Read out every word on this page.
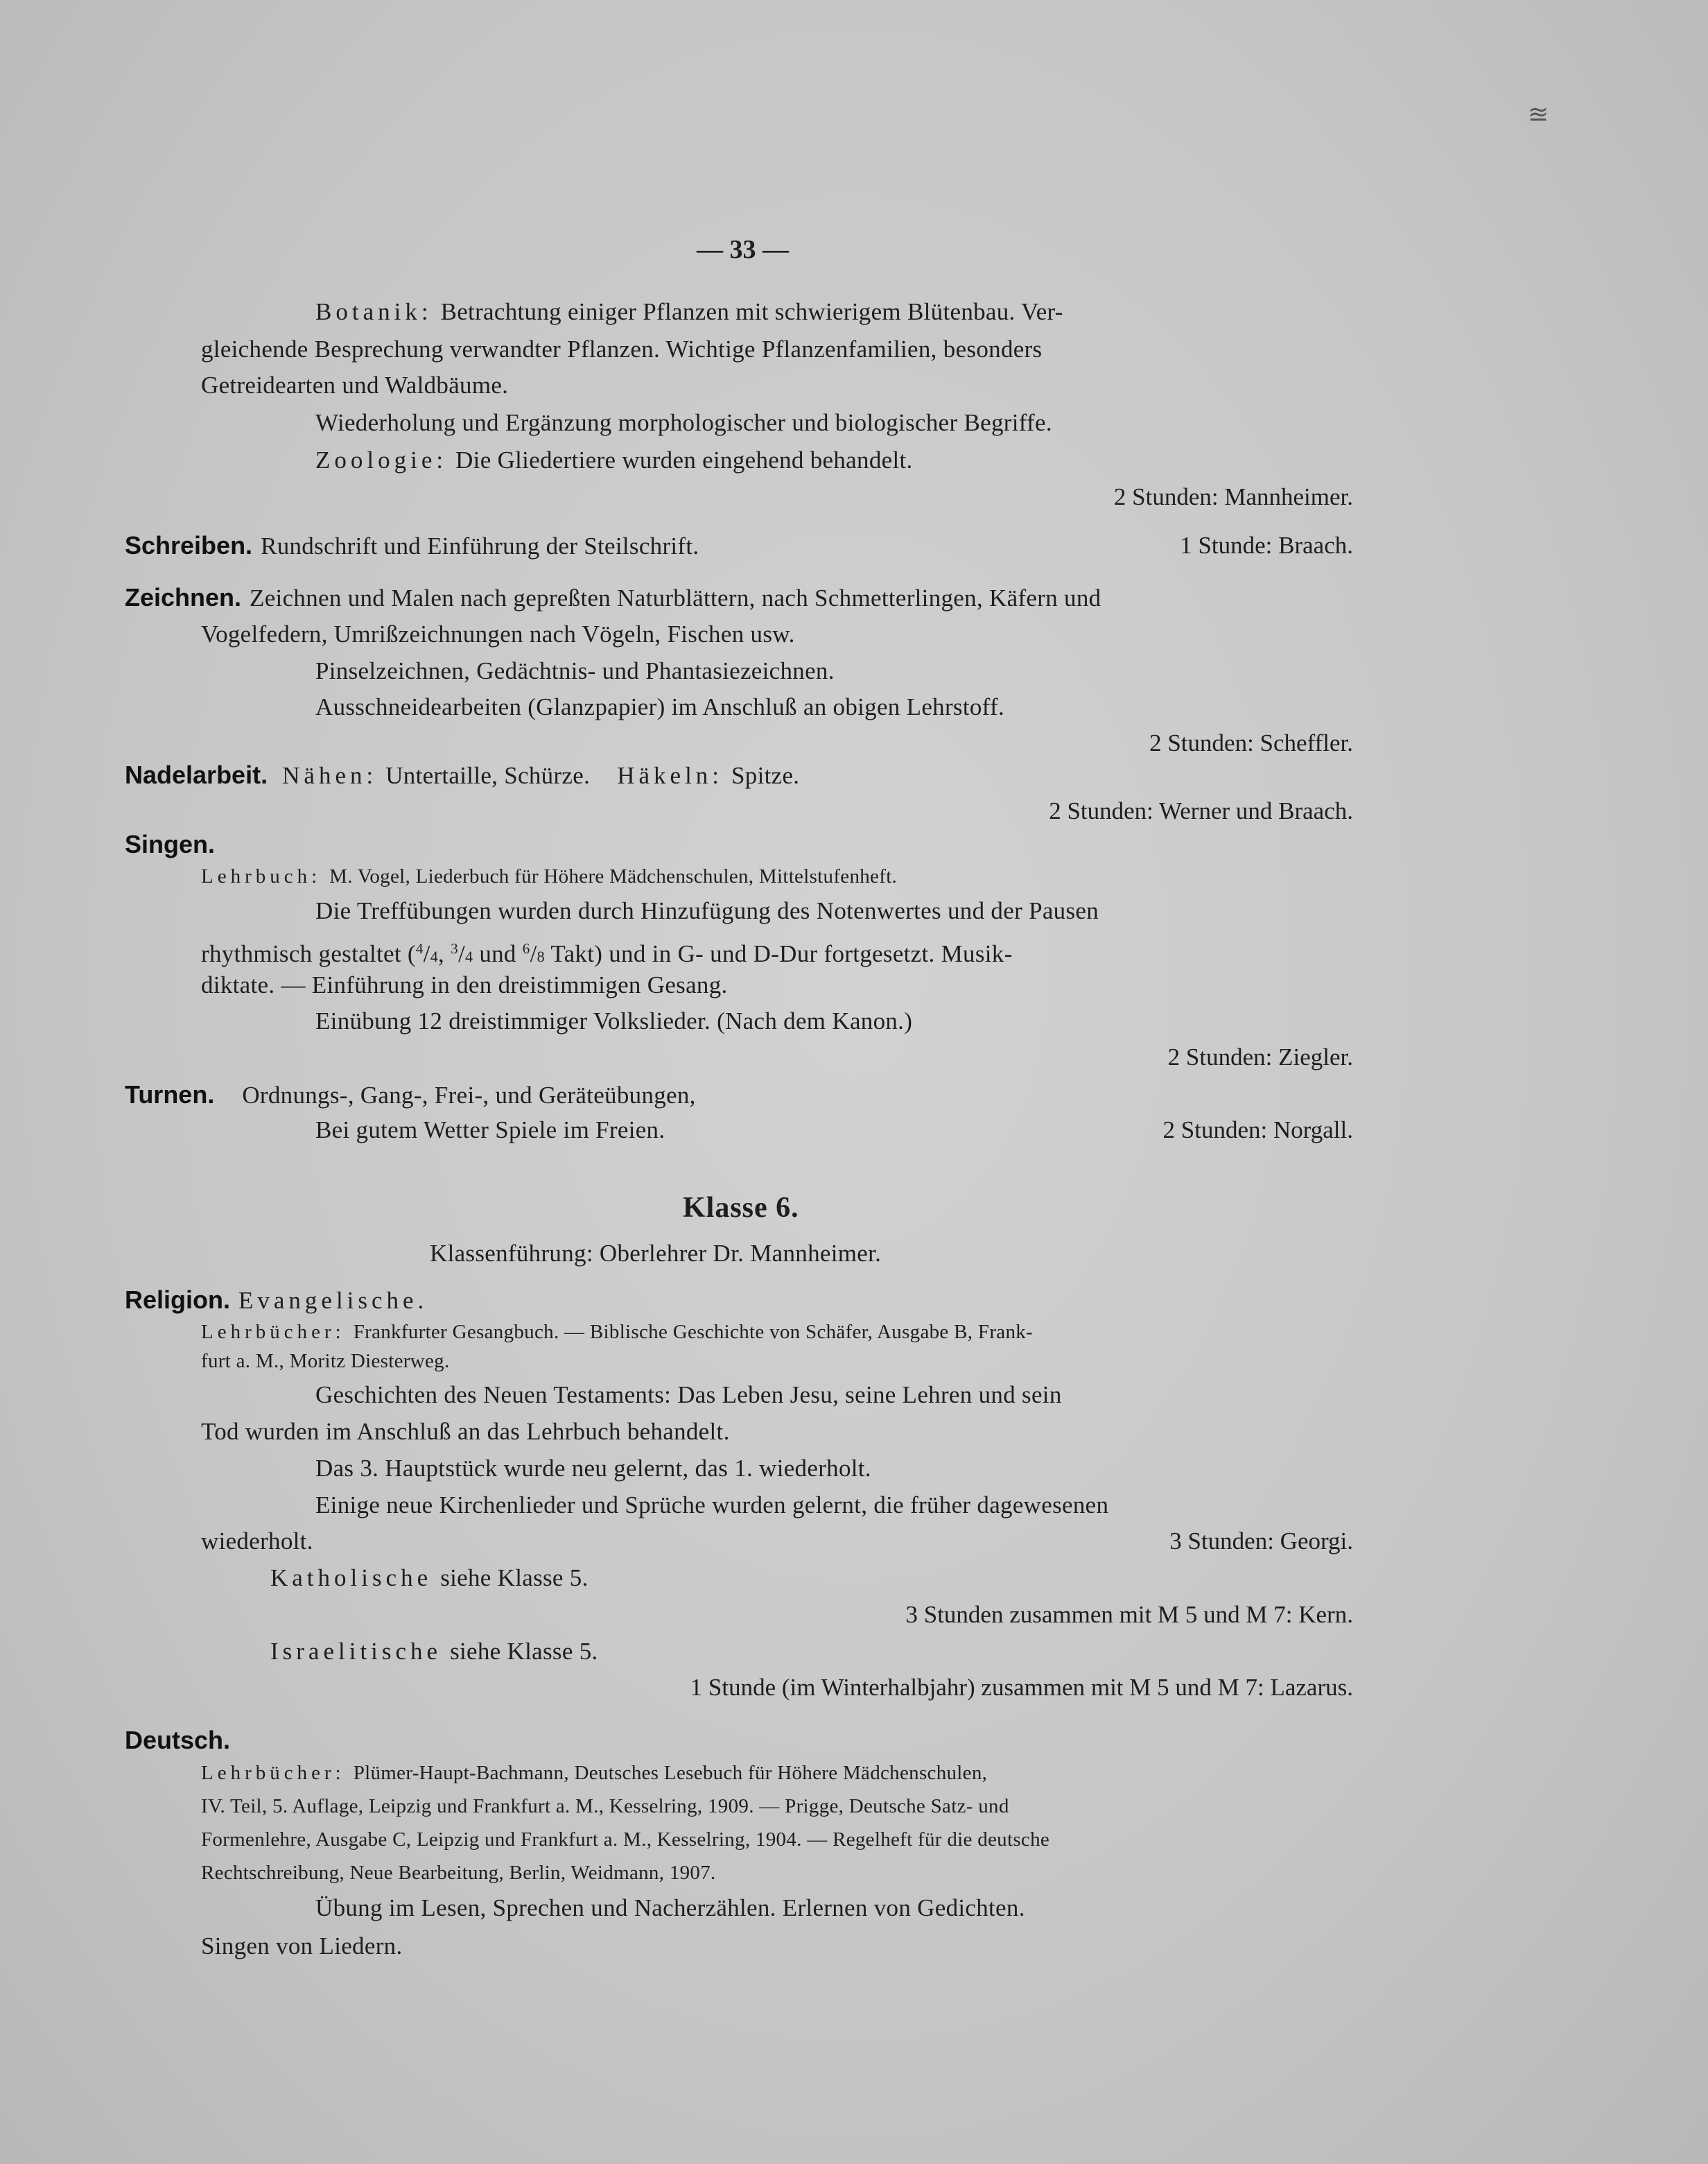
≊
— 33 —
Botanik: Betrachtung einiger Pflanzen mit schwierigem Blütenbau. Ver-
gleichende Besprechung verwandter Pflanzen. Wichtige Pflanzenfamilien, besonders
Getreidearten und Waldbäume.
Wiederholung und Ergänzung morphologischer und biologischer Begriffe.
Zoologie: Die Gliedertiere wurden eingehend behandelt.
2 Stunden: Mannheimer.
Schreiben. Rundschrift und Einführung der Steilschrift.	1 Stunde: Braach.
Zeichnen. Zeichnen und Malen nach gepreßten Naturblättern, nach Schmetterlingen, Käfern und
Vogelfedern, Umrißzeichnungen nach Vögeln, Fischen usw.
Pinselzeichnen, Gedächtnis- und Phantasiezeichnen.
Ausschneidearbeiten (Glanzpapier) im Anschluß an obigen Lehrstoff.
2 Stunden: Scheffler.
Nadelarbeit. Nähen: Untertaille, Schürze. Häkeln: Spitze.
2 Stunden: Werner und Braach.
Singen.
Lehrbuch: M. Vogel, Liederbuch für Höhere Mädchenschulen, Mittelstufenheft.
Die Treffübungen wurden durch Hinzufügung des Notenwertes und der Pausen
rhythmisch gestaltet ($^4$/4, $^3$/4 und $^6$/8 Takt) und in G- und D-Dur fortgesetzt. Musik-
diktate. — Einführung in den dreistimmigen Gesang.
Einübung 12 dreistimmiger Volkslieder. (Nach dem Kanon.)
2 Stunden: Ziegler.
Turnen. Ordnungs-, Gang-, Frei-, und Geräteübungen,
Bei gutem Wetter Spiele im Freien.	2 Stunden: Norgall.
Klasse 6.
Klassenführung: Oberlehrer Dr. Mannheimer.
Religion. Evangelische.
Lehrbücher: Frankfurter Gesangbuch. — Biblische Geschichte von Schäfer, Ausgabe B, Frank-
furt a. M., Moritz Diesterweg.
Geschichten des Neuen Testaments: Das Leben Jesu, seine Lehren und sein
Tod wurden im Anschluß an das Lehrbuch behandelt.
Das 3. Hauptstück wurde neu gelernt, das 1. wiederholt.
Einige neue Kirchenlieder und Sprüche wurden gelernt, die früher dagewesenen
wiederholt.	3 Stunden: Georgi.
Katholische siehe Klasse 5.
3 Stunden zusammen mit M 5 und M 7: Kern.
Israelitische siehe Klasse 5.
1 Stunde (im Winterhalbjahr) zusammen mit M 5 und M 7: Lazarus.
Deutsch.
Lehrbücher: Plümer-Haupt-Bachmann, Deutsches Lesebuch für Höhere Mädchenschulen,
IV. Teil, 5. Auflage, Leipzig und Frankfurt a. M., Kesselring, 1909. — Prigge, Deutsche Satz- und
Formenlehre, Ausgabe C, Leipzig und Frankfurt a. M., Kesselring, 1904. — Regelheft für die deutsche
Rechtschreibung, Neue Bearbeitung, Berlin, Weidmann, 1907.
Übung im Lesen, Sprechen und Nacherzählen. Erlernen von Gedichten.
Singen von Liedern.
